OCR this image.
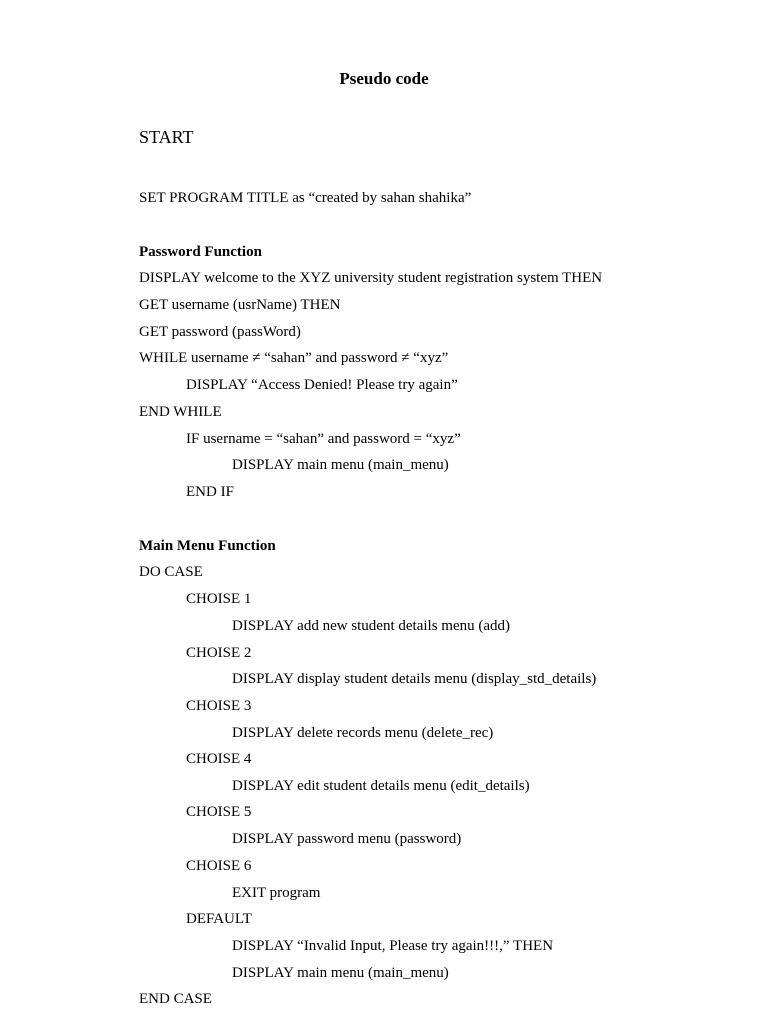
Pseudo code
START
SET PROGRAM TITLE as “created by sahan shahika”
Password Function
DISPLAY welcome to the XYZ university student registration system THEN
GET username (usrName) THEN
GET password (passWord)
WHILE username ≠ “sahan” and password ≠ “xyz”
DISPLAY “Access Denied! Please try again”
END WHILE
IF username = “sahan” and password = “xyz”
DISPLAY main menu (main_menu)
END IF
Main Menu Function
DO CASE
CHOISE 1
DISPLAY add new student details menu (add)
CHOISE 2
DISPLAY display student details menu (display_std_details)
CHOISE 3
DISPLAY delete records menu (delete_rec)
CHOISE 4
DISPLAY edit student details menu (edit_details)
CHOISE 5
DISPLAY password menu (password)
CHOISE 6
EXIT program
DEFAULT
DISPLAY “Invalid Input, Please try again!!!,” THEN
DISPLAY main menu (main_menu)
END CASE
